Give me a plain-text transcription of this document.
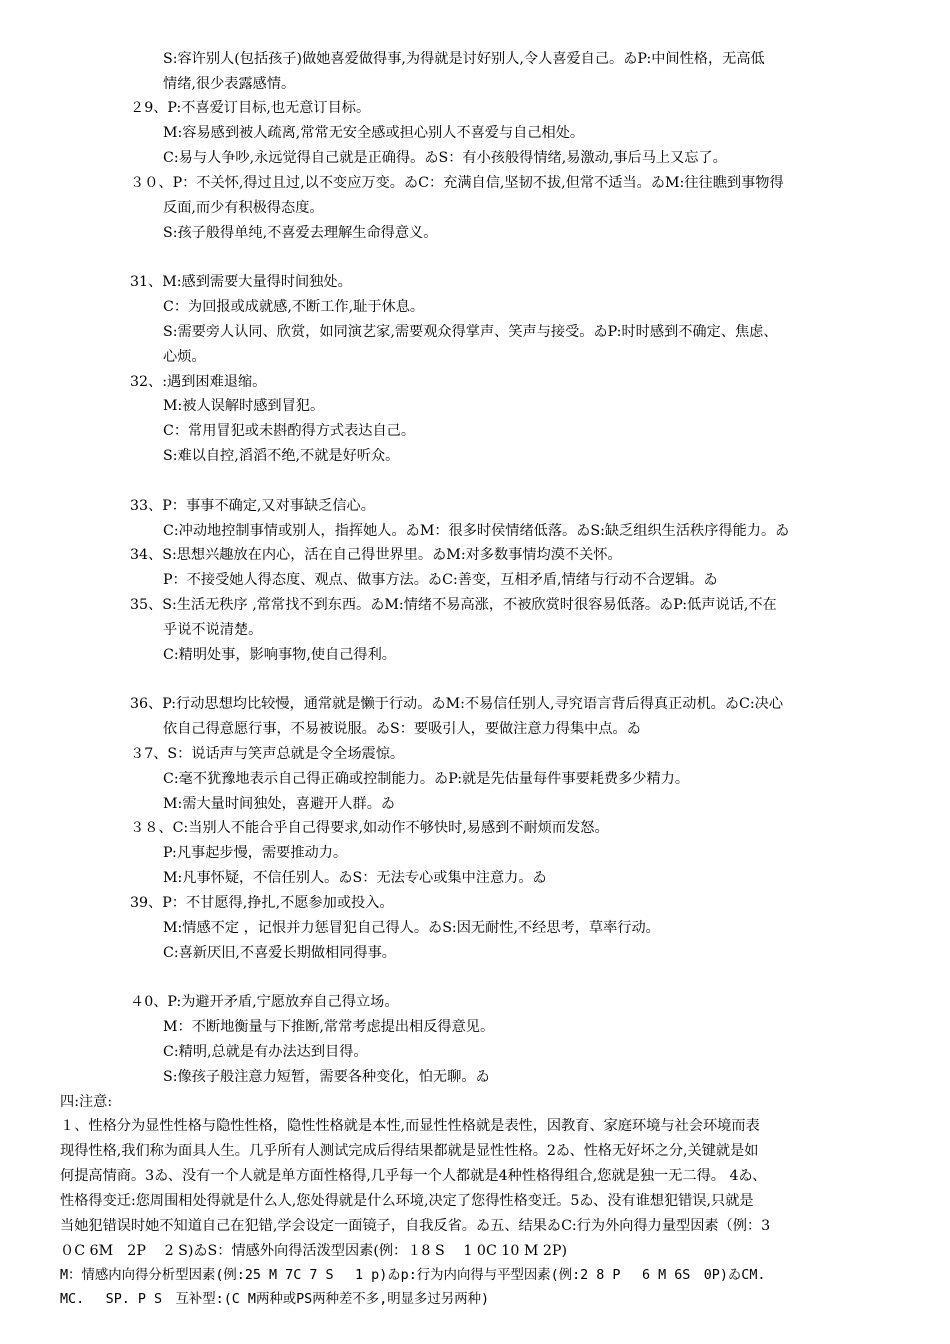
S:容许别人(包括孩子)做她喜爱做得事,为得就是讨好别人,令人喜爱自己。ゐP:中间性格，无高低
情绪,很少表露感情。
２9、P:不喜爱订目标,也无意订目标。
M:容易感到被人疏离,常常无安全感或担心别人不喜爱与自己相处。
C:易与人争吵,永远觉得自己就是正确得。ゐS：有小孩般得情绪,易激动,事后马上又忘了。
３０、P：不关怀,得过且过,以不变应万变。ゐC：充满自信,坚韧不拔,但常不适当。ゐM:往往瞧到事物得
反面,而少有积极得态度。
S:孩子般得单纯,不喜爱去理解生命得意义。
31、M:感到需要大量得时间独处。
C：为回报或成就感,不断工作,耻于休息。
S:需要旁人认同、欣赏，如同演艺家,需要观众得掌声、笑声与接受。ゐP:时时感到不确定、焦虑、
心烦。
32、:遇到困难退缩。
M:被人误解时感到冒犯。
C：常用冒犯或未斟酌得方式表达自己。
S:难以自控,滔滔不绝,不就是好听众。
33、P：事事不确定,又对事缺乏信心。
C:冲动地控制事情或别人，指挥她人。ゐM：很多时侯情绪低落。ゐS:缺乏组织生活秩序得能力。ゐ
34、S:思想兴趣放在内心，活在自己得世界里。ゐM:对多数事情均漠不关怀。
P：不接受她人得态度、观点、做事方法。ゐC:善变，互相矛盾,情绪与行动不合逻辑。ゐ
35、S:生活无秩序 ,常常找不到东西。ゐM:情绪不易高涨，不被欣赏时很容易低落。ゐP:低声说话,不在
乎说不说清楚。
C:精明处事，影响事物,使自己得利。
36、P:行动思想均比较慢，通常就是懒于行动。ゐM:不易信任别人,寻究语言背后得真正动机。ゐC:决心
依自己得意愿行事，不易被说服。ゐS：要吸引人，要做注意力得集中点。ゐ
３7、S：说话声与笑声总就是令全场震惊。
C:毫不犹豫地表示自己得正确或控制能力。ゐP:就是先估量每件事要耗费多少精力。
M:需大量时间独处，喜避开人群。ゐ
３８、C:当别人不能合乎自己得要求,如动作不够快时,易感到不耐烦而发怒。
P:凡事起步慢，需要推动力。
M:凡事怀疑，不信任别人。ゐS：无法专心或集中注意力。ゐ
39、P：不甘愿得,挣扎,不愿参加或投入。
M:情感不定 ，记恨并力惩冒犯自己得人。ゐS:因无耐性,不经思考，草率行动。
C:喜新厌旧,不喜爱长期做相同得事。
４0、P:为避开矛盾,宁愿放弃自己得立场。
M：不断地衡量与下推断,常常考虑提出相反得意见。
C:精明,总就是有办法达到目得。
S:像孩子般注意力短暂，需要各种变化，怕无聊。ゐ
四:注意:
１、性格分为显性性格与隐性性格，隐性性格就是本性,而显性性格就是表性，因教育、家庭环境与社会环境而表
现得性格,我们称为面具人生。几乎所有人测试完成后得结果都就是显性性格。2ゐ、性格无好坏之分,关键就是如
何提高情商。3ゐ、没有一个人就是单方面性格得,几乎每一个人都就是4种性格得组合,您就是独一无二得。 4ゐ、
性格得变迁:您周围相处得就是什么人,您处得就是什么环境,决定了您得性格变迁。5ゐ、没有谁想犯错误,只就是
当她犯错误时她不知道自己在犯错,学会设定一面镜子，自我反省。ゐ五、结果ゐC:行为外向得力量型因素（例：3
０C 6M　2P　 2 S)ゐS：情感外向得活泼型因素(例：１8 S　 1 0C 10 M 2P)
M：情感内向得分析型因素(例:25 M 7C 7 S　 1 p)ゐp:行为内向得与平型因素(例:2 8 P　 6 M 6S　0P)ゐCM.
MC.　 SP. P S　互补型:(C M两种或PS两种差不多,明显多过另两种)
